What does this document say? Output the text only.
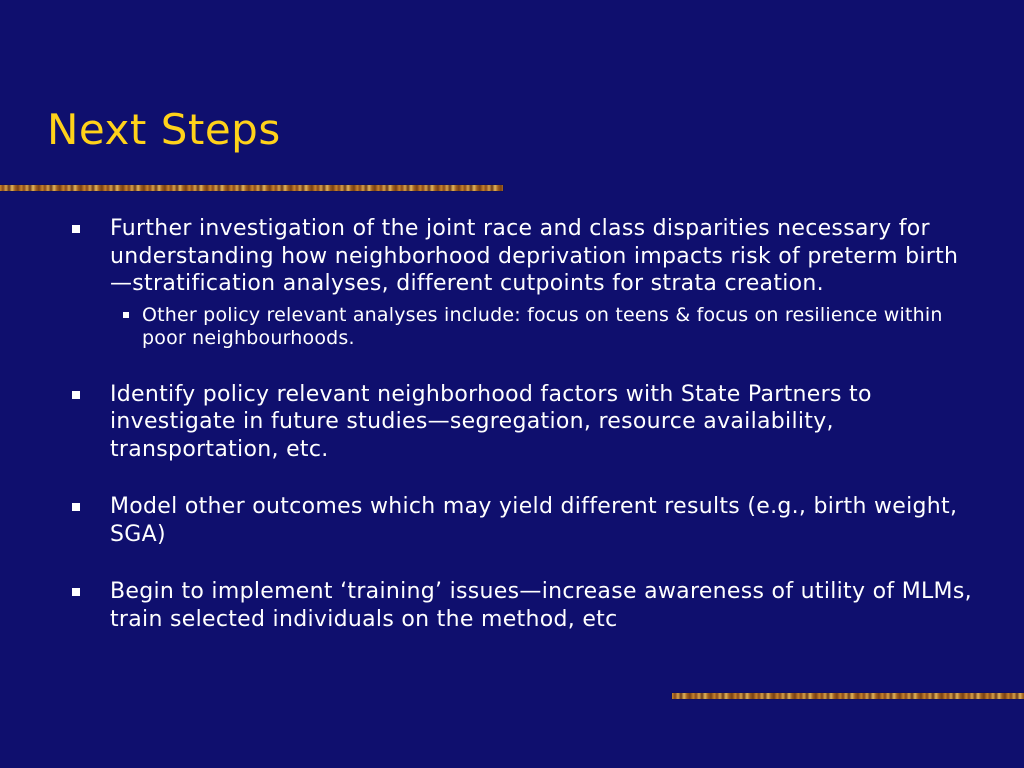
Next Steps
Further investigation of the joint race and class disparities necessary for understanding how neighborhood deprivation impacts risk of preterm birth—stratification analyses, different cutpoints for strata creation.
Other policy relevant analyses include: focus on teens & focus on resilience within poor neighbourhoods.
Identify policy relevant neighborhood factors with State Partners to investigate in future studies—segregation, resource availability, transportation, etc.
Model other outcomes which may yield different results (e.g., birth weight, SGA)
Begin to implement ‘training’ issues—increase awareness of utility of MLMs, train selected individuals on the method, etc
